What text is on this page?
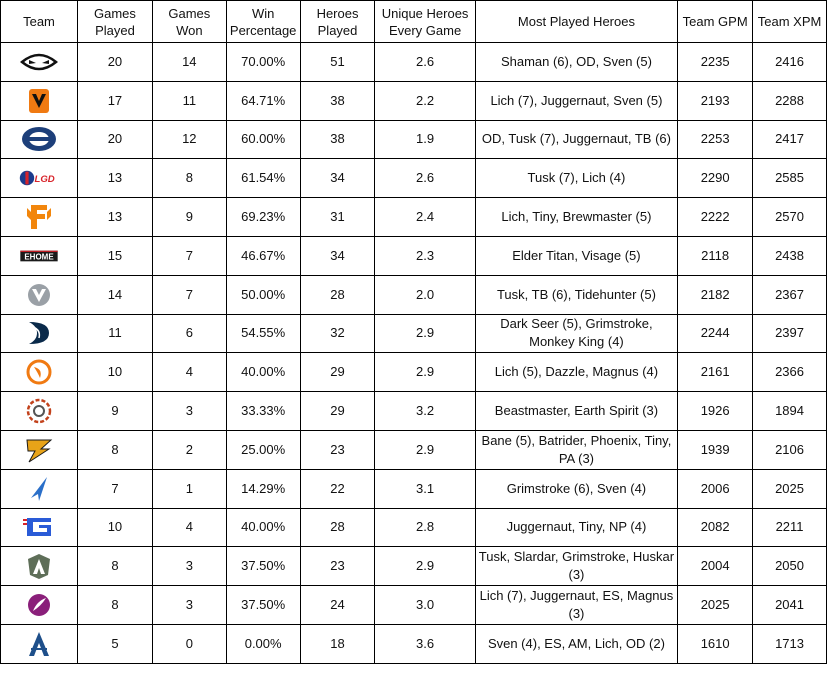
Team	Games Played	Games Won	Win Percentage	Heroes Played	Unique Heroes Every Game	Most Played Heroes	Team GPM	Team XPM

	20	14	70.00%	51	2.6	Shaman (6), OD, Sven (5)	2235	2416

	17	11	64.71%	38	2.2	Lich (7), Juggernaut, Sven (5)	2193	2288

	20	12	60.00%	38	1.9	OD, Tusk (7), Juggernaut, TB (6)	2253	2417

LGD	13	8	61.54%	34	2.6	Tusk (7), Lich (4)	2290	2585

	13	9	69.23%	31	2.4	Lich, Tiny, Brewmaster (5)	2222	2570

EHOME	15	7	46.67%	34	2.3	Elder Titan, Visage (5)	2118	2438

	14	7	50.00%	28	2.0	Tusk, TB (6), Tidehunter (5)	2182	2367

	11	6	54.55%	32	2.9	Dark Seer (5), Grimstroke, Monkey King (4)	2244	2397

	10	4	40.00%	29	2.9	Lich (5), Dazzle, Magnus (4)	2161	2366

	9	3	33.33%	29	3.2	Beastmaster, Earth Spirit (3)	1926	1894

	8	2	25.00%	23	2.9	Bane (5), Batrider, Phoenix, Tiny, PA (3)	1939	2106

	7	1	14.29%	22	3.1	Grimstroke (6), Sven (4)	2006	2025

	10	4	40.00%	28	2.8	Juggernaut, Tiny, NP (4)	2082	2211

	8	3	37.50%	23	2.9	Tusk, Slardar, Grimstroke, Huskar (3)	2004	2050

	8	3	37.50%	24	3.0	Lich (7), Juggernaut, ES, Magnus (3)	2025	2041

	5	0	0.00%	18	3.6	Sven (4), ES, AM, Lich, OD (2)	1610	1713
